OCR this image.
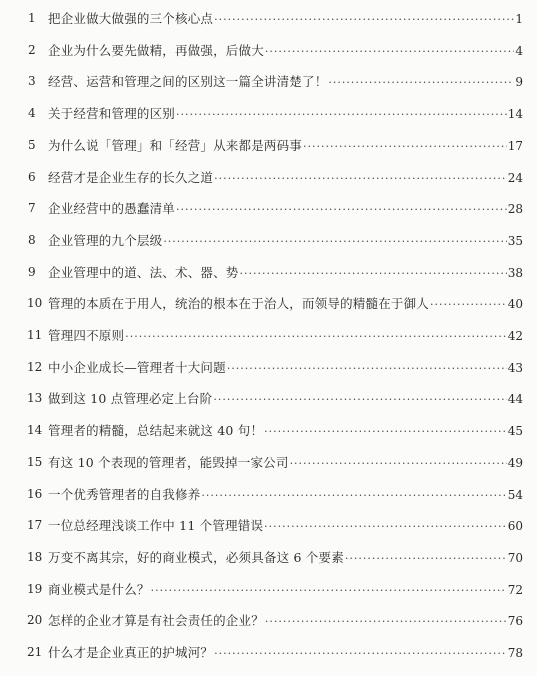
1 把企业做大做强的三个核心点 ·····	1
2 企业为什么要先做精，再做强，后做大 ·····	4
3 经营、运营和管理之间的区别这一篇全讲清楚了！ ·····	9
4 关于经营和管理的区别 ·····	14
5 为什么说「管理」和「经营」从来都是两码事 ·····	17
6 经营才是企业生存的长久之道 ·····	24
7 企业经营中的愚蠢清单 ·····	28
8 企业管理的九个层级 ·····	35
9 企业管理中的道、法、术、器、势 ·····	38
10 管理的本质在于用人，统治的根本在于治人，而领导的精髓在于御人 ·····	40
11 管理四不原则 ·····	42
12 中小企业成长—管理者十大问题 ·····	43
13 做到这 10 点管理必定上台阶 ·····	44
14 管理者的精髓，总结起来就这 40 句！ ·····	45
15 有这 10 个表现的管理者，能毁掉一家公司 ·····	49
16 一个优秀管理者的自我修养 ·····	54
17 一位总经理浅谈工作中 11 个管理错误 ·····	60
18 万变不离其宗，好的商业模式，必须具备这 6 个要素 ·····	70
19 商业模式是什么？ ·····	72
20 怎样的企业才算是有社会责任的企业？ ·····	76
21 什么才是企业真正的护城河？ ·····	78
